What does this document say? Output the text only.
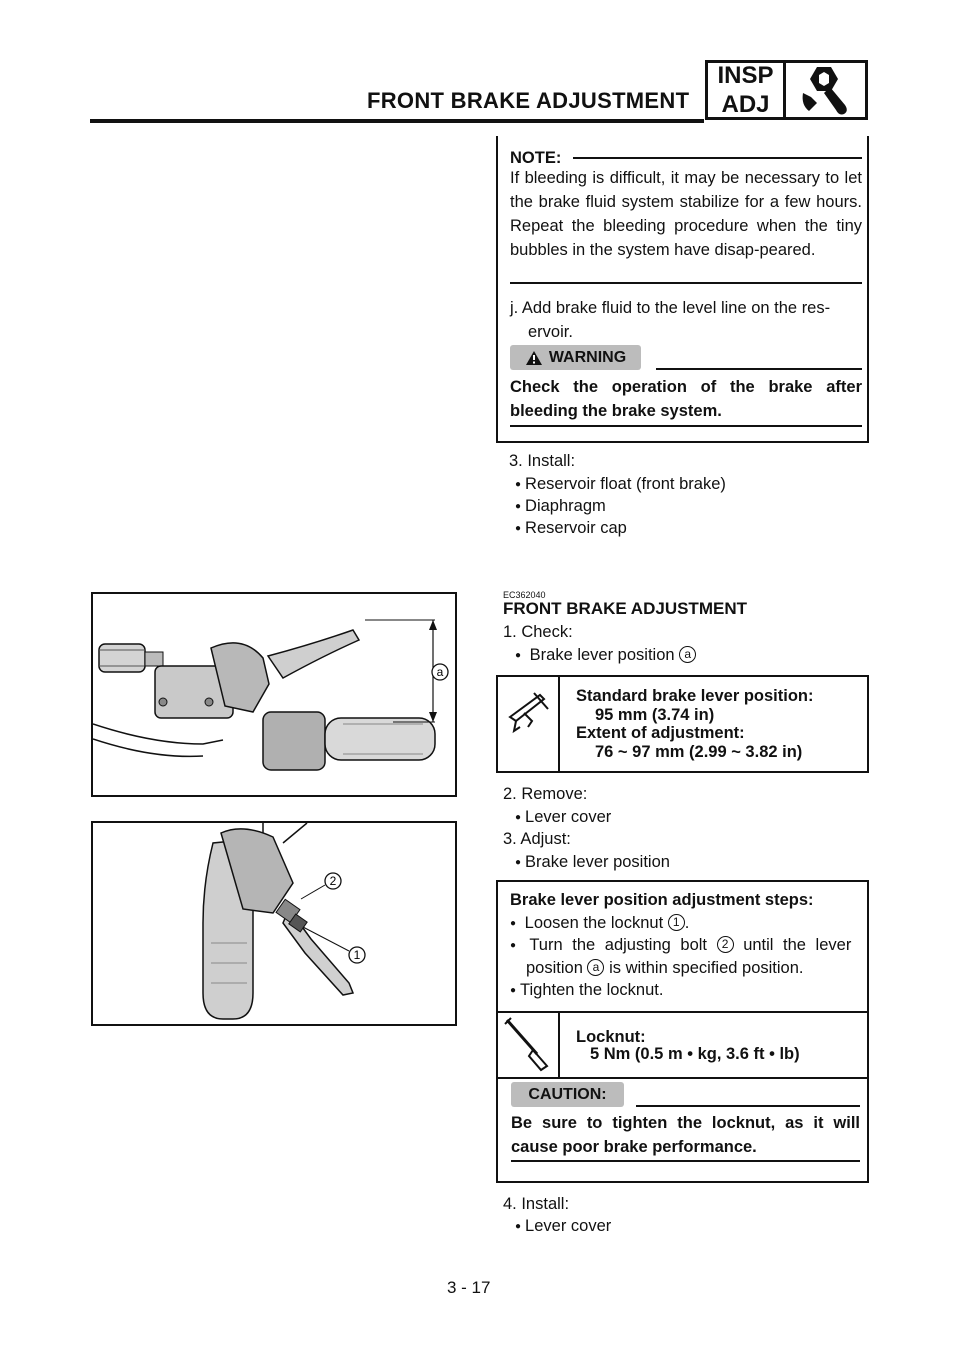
FRONT BRAKE ADJUSTMENT
INSP
ADJ
NOTE:
If bleeding is difficult, it may be necessary to let the brake fluid system stabilize for a few hours. Repeat the bleeding procedure when the tiny bubbles in the system have disap-peared.
j. Add brake fluid to the level line on the res-ervoir.
WARNING
Check the operation of the brake after bleeding the brake system.
3. Install:
● Reservoir float (front brake)
● Diaphragm
● Reservoir cap
EC362040
FRONT BRAKE ADJUSTMENT
1. Check:
● Brake lever position a
Standard brake lever position:
95 mm (3.74 in)
Extent of adjustment:
76 ~ 97 mm (2.99 ~ 3.82 in)
2. Remove:
● Lever cover
3. Adjust:
● Brake lever position
Brake lever position adjustment steps:
● Loosen the locknut 1 .
● Turn the adjusting bolt 2 until the lever
position a is within specified position.
● Tighten the locknut.
Locknut:
5 Nm (0.5 m • kg, 3.6 ft • lb)
CAUTION:
Be sure to tighten the locknut, as it will cause poor brake performance.
4. Install:
● Lever cover
a
2
1
3 - 17
